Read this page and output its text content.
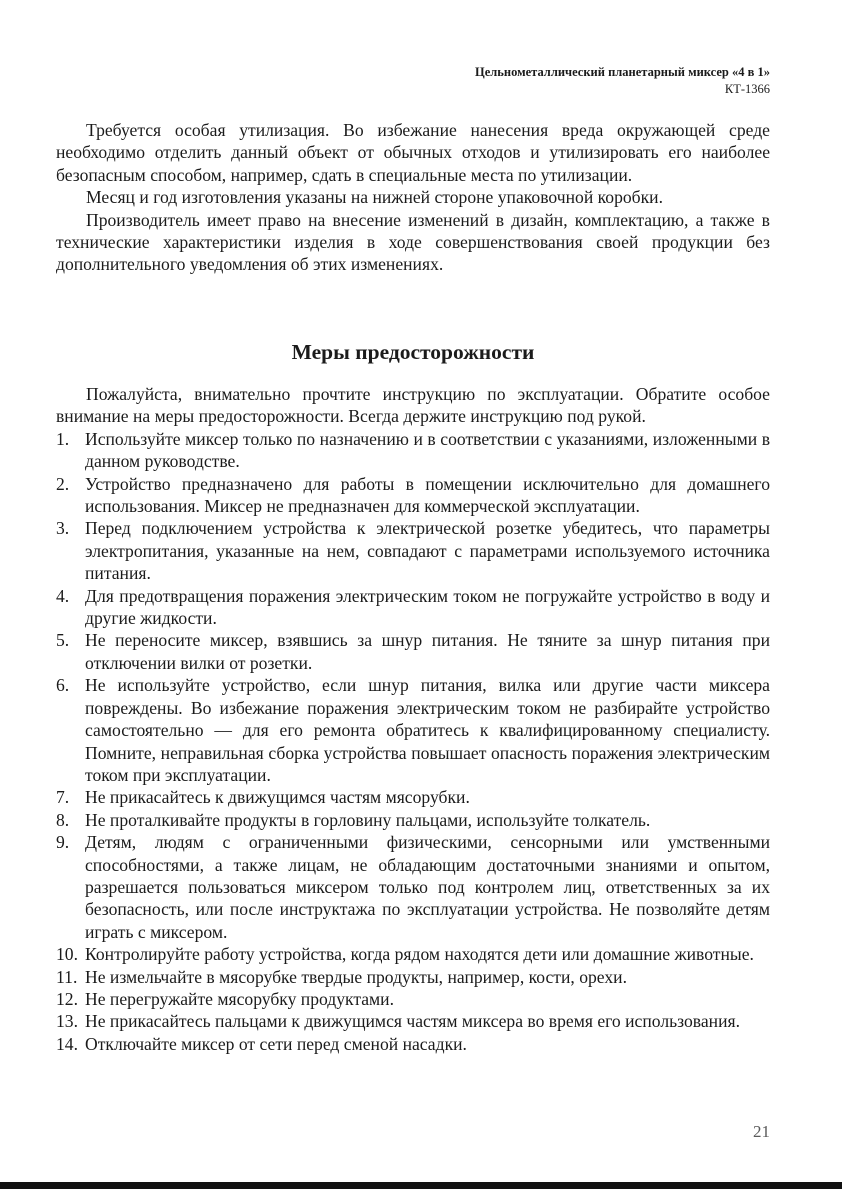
Цельнометаллический планетарный миксер «4 в 1»
КТ-1366

Требуется особая утилизация. Во избежание нанесения вреда окружающей среде необходимо отделить данный объект от обычных отходов и утилизировать его наиболее безопасным способом, например, сдать в специальные места по утилизации.

Месяц и год изготовления указаны на нижней стороне упаковочной коробки.

Производитель имеет право на внесение изменений в дизайн, комплектацию, а также в технические характеристики изделия в ходе совершенствования своей продукции без дополнительного уведомления об этих изменениях.

Меры предосторожности

Пожалуйста, внимательно прочтите инструкцию по эксплуатации. Обратите особое внимание на меры предосторожности. Всегда держите инструкцию под рукой.

1. Используйте миксер только по назначению и в соответствии с указаниями, изложенными в данном руководстве.
2. Устройство предназначено для работы в помещении исключительно для домашнего использования. Миксер не предназначен для коммерческой эксплуатации.
3. Перед подключением устройства к электрической розетке убедитесь, что параметры электропитания, указанные на нем, совпадают с параметрами используемого источника питания.
4. Для предотвращения поражения электрическим током не погружайте устройство в воду и другие жидкости.
5. Не переносите миксер, взявшись за шнур питания. Не тяните за шнур питания при отключении вилки от розетки.
6. Не используйте устройство, если шнур питания, вилка или другие части миксера повреждены. Во избежание поражения электрическим током не разбирайте устройство самостоятельно — для его ремонта обратитесь к квалифицированному специалисту. Помните, неправильная сборка устройства повышает опасность поражения электрическим током при эксплуатации.
7. Не прикасайтесь к движущимся частям мясорубки.
8. Не проталкивайте продукты в горловину пальцами, используйте толкатель.
9. Детям, людям с ограниченными физическими, сенсорными или умственными способностями, а также лицам, не обладающим достаточными знаниями и опытом, разрешается пользоваться миксером только под контролем лиц, ответственных за их безопасность, или после инструктажа по эксплуатации устройства. Не позволяйте детям играть с миксером.
10. Контролируйте работу устройства, когда рядом находятся дети или домашние животные.
11. Не измельчайте в мясорубке твердые продукты, например, кости, орехи.
12. Не перегружайте мясорубку продуктами.
13. Не прикасайтесь пальцами к движущимся частям миксера во время его использования.
14. Отключайте миксер от сети перед сменой насадки.
21
